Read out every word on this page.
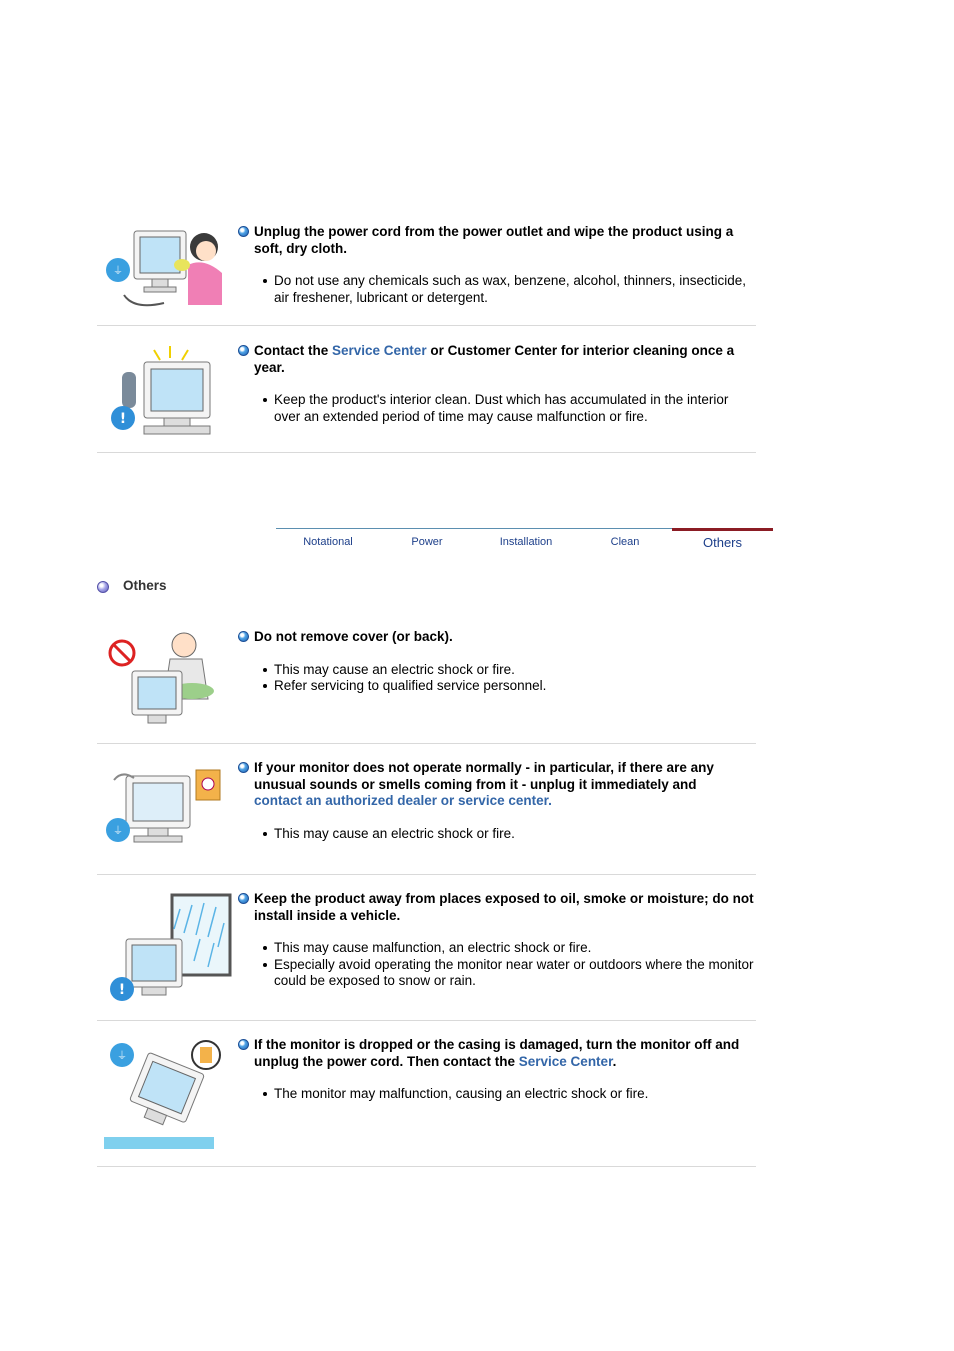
⏚
Unplug the power cord from the power outlet and wipe the product using a soft, dry cloth.
Do not use any chemicals such as wax, benzene, alcohol, thinners, insecticide, air freshener, lubricant or detergent.
!
Contact the Service Center or Customer Center for interior cleaning once a year.
Keep the product's interior clean. Dust which has accumulated in the interior over an extended period of time may cause malfunction or fire.
Notational	Power	Installation	Clean	Others
Others
Do not remove cover (or back).
This may cause an electric shock or fire.
Refer servicing to qualified service personnel.
⏚
If your monitor does not operate normally - in particular, if there are any unusual sounds or smells coming from it - unplug it immediately and
contact an authorized dealer or service center.
This may cause an electric shock or fire.
!
Keep the product away from places exposed to oil, smoke or moisture; do not install inside a vehicle.
This may cause malfunction, an electric shock or fire.
Especially avoid operating the monitor near water or outdoors where the monitor could be exposed to snow or rain.
⏚
If the monitor is dropped or the casing is damaged, turn the monitor off and unplug the power cord. Then contact the Service Center.
The monitor may malfunction, causing an electric shock or fire.
